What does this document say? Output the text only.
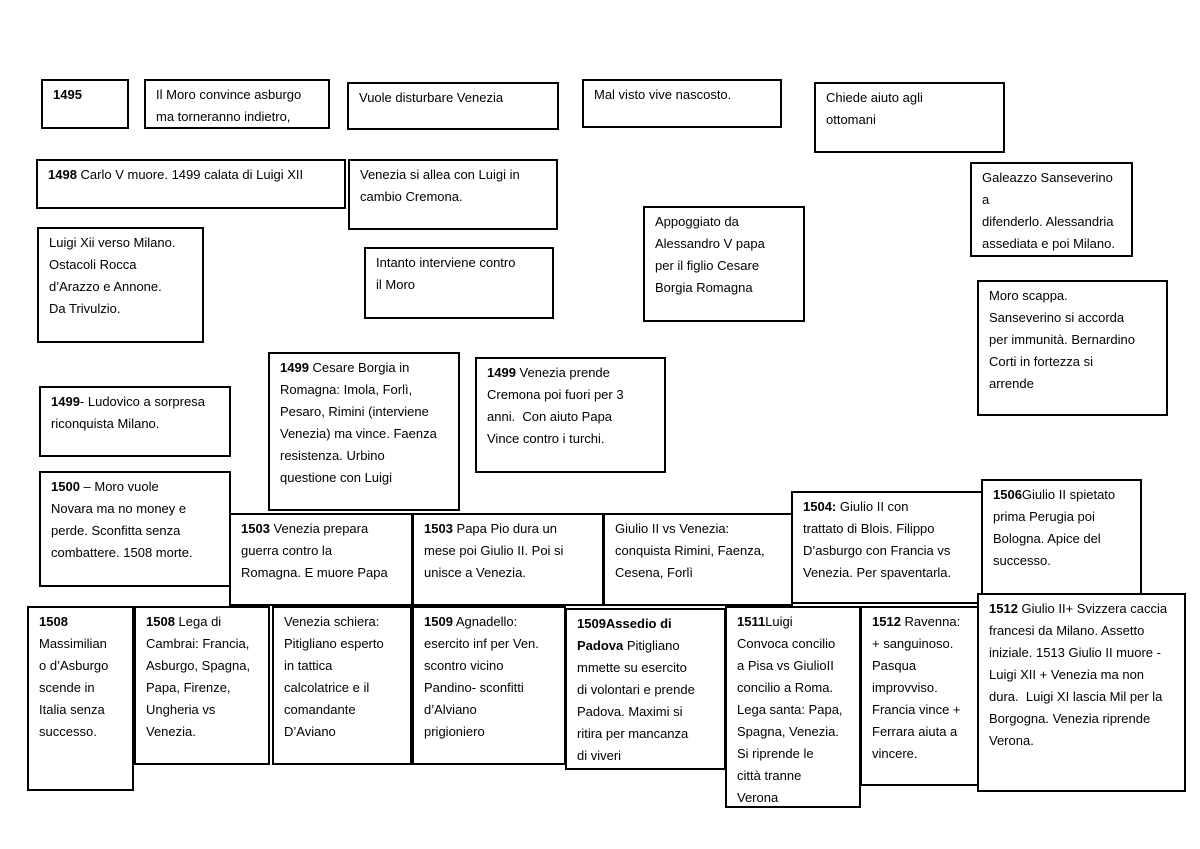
1495	Il Moro convince asburgo
ma torneranno indietro,
Vuole disturbare Venezia	Mal visto vive nascosto.	Chiede aiuto agli
ottomani
1498 Carlo V muore. 1499 calata di Luigi XII	Venezia si allea con Luigi in
cambio Cremona.
Galeazzo Sanseverino a
difenderlo. Alessandria
assediata e poi Milano.
Luigi Xii verso Milano.
Ostacoli Rocca
d’Arazzo e Annone.
Da Trivulzio.
Intanto interviene contro
il Moro
Appoggiato da
Alessandro V papa
per il figlio Cesare
Borgia Romagna
Moro scappa.
Sanseverino si accorda
per immunità. Bernardino
Corti in fortezza si
arrende
1499 Cesare Borgia in
Romagna: Imola, Forlì,
Pesaro, Rimini (interviene
Venezia) ma vince. Faenza
resistenza. Urbino
questione con Luigi
1499 Venezia prende
Cremona poi fuori per 3
anni.  Con aiuto Papa
Vince contro i turchi.
1499- Ludovico a sorpresa
riconquista Milano.
1500 – Moro vuole
Novara ma no money e
perde. Sconfitta senza
combattere. 1508 morte.
1503 Venezia prepara
guerra contro la
Romagna. E muore Papa
1503 Papa Pio dura un
mese poi Giulio II. Poi si
unisce a Venezia.
Giulio II vs Venezia:
conquista Rimini, Faenza,
Cesena, Forlì
1504: Giulio II con
trattato di Blois. Filippo
D’asburgo con Francia vs
Venezia. Per spaventarla.
1506Giulio II spietato
prima Perugia poi
Bologna. Apice del
successo.
1508
Massimilian
o d’Asburgo
scende in
Italia senza
successo.
1508 Lega di
Cambrai: Francia,
Asburgo, Spagna,
Papa, Firenze,
Ungheria vs
Venezia.
Venezia schiera:
Pitigliano esperto
in tattica
calcolatrice e il
comandante
D’Aviano
1509 Agnadello:
esercito inf per Ven.
scontro vicino
Pandino- sconfitti
d’Alviano
prigioniero
1509Assedio di
Padova Pitigliano
mmette su esercito
di volontari e prende
Padova. Maximi si
ritira per mancanza
di viveri
1511Luigi
Convoca concilio
a Pisa vs GiulioII
concilio a Roma.
Lega santa: Papa,
Spagna, Venezia.
Si riprende le
città tranne
Verona
1512 Ravenna:
+ sanguinoso.
Pasqua
improvviso.
Francia vince +
Ferrara aiuta a
vincere.
1512 Giulio II+ Svizzera caccia
francesi da Milano. Assetto
iniziale. 1513 Giulio II muore -
Luigi XII + Venezia ma non
dura.  Luigi XI lascia Mil per la
Borgogna. Venezia riprende
Verona.
